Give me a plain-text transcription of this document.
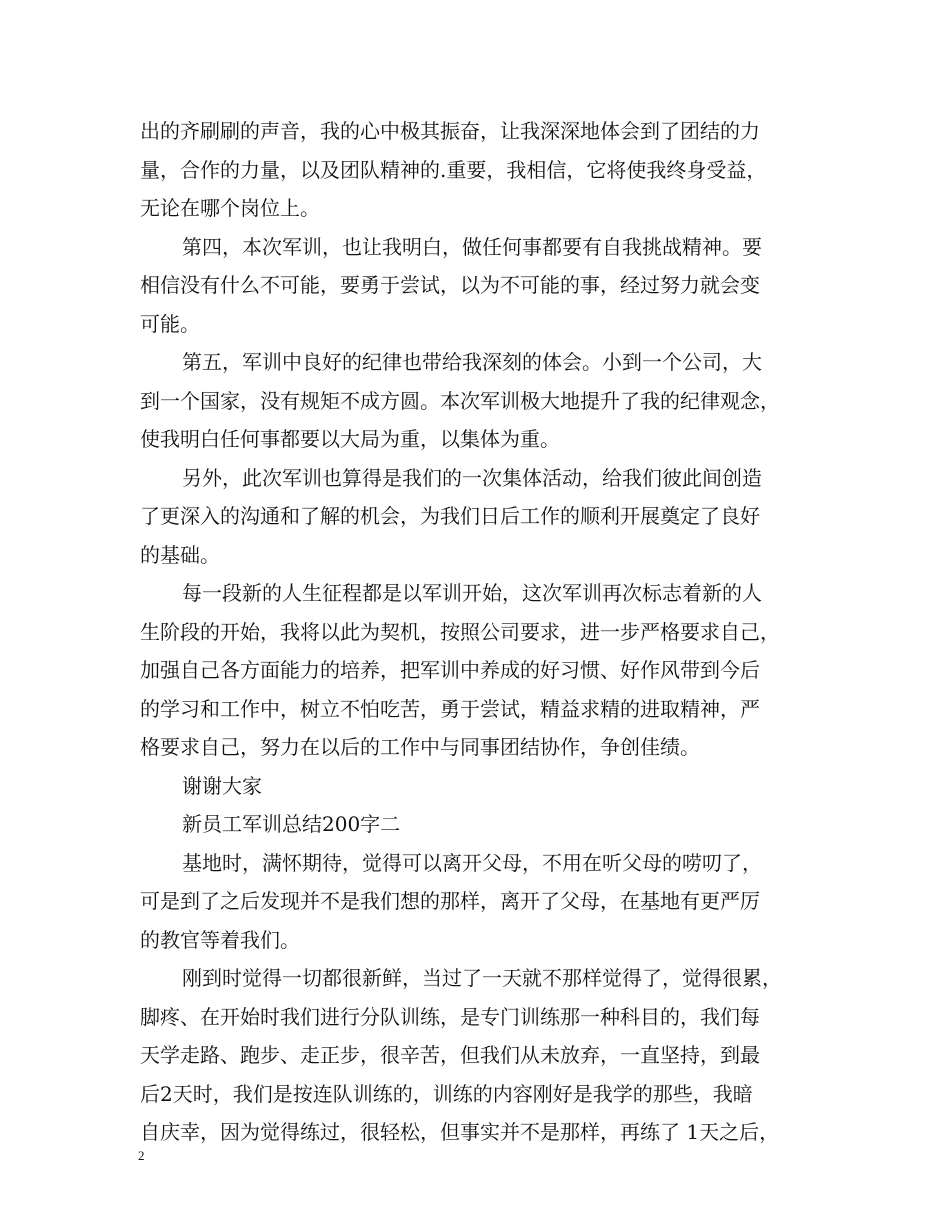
出的齐刷刷的声音，我的心中极其振奋，让我深深地体会到了团结的力
量，合作的力量，以及团队精神的.重要，我相信，它将使我终身受益，
无论在哪个岗位上。
第四，本次军训，也让我明白，做任何事都要有自我挑战精神。要
相信没有什么不可能，要勇于尝试，以为不可能的事，经过努力就会变
可能。
第五，军训中良好的纪律也带给我深刻的体会。小到一个公司，大
到一个国家，没有规矩不成方圆。本次军训极大地提升了我的纪律观念，
使我明白任何事都要以大局为重，以集体为重。
另外，此次军训也算得是我们的一次集体活动，给我们彼此间创造
了更深入的沟通和了解的机会，为我们日后工作的顺利开展奠定了良好
的基础。
每一段新的人生征程都是以军训开始，这次军训再次标志着新的人
生阶段的开始，我将以此为契机，按照公司要求，进一步严格要求自己，
加强自己各方面能力的培养，把军训中养成的好习惯、好作风带到今后
的学习和工作中，树立不怕吃苦，勇于尝试，精益求精的进取精神，严
格要求自己，努力在以后的工作中与同事团结协作，争创佳绩。
谢谢大家
新员工军训总结200字二
基地时，满怀期待，觉得可以离开父母，不用在听父母的唠叨了，
可是到了之后发现并不是我们想的那样，离开了父母，在基地有更严厉
的教官等着我们。
刚到时觉得一切都很新鲜，当过了一天就不那样觉得了，觉得很累，
脚疼、在开始时我们进行分队训练，是专门训练那一种科目的，我们每
天学走路、跑步、走正步，很辛苦，但我们从未放弃，一直坚持，到最
后2天时，我们是按连队训练的，训练的内容刚好是我学的那些，我暗
自庆幸，因为觉得练过，很轻松，但事实并不是那样，再练了 1天之后，
2
